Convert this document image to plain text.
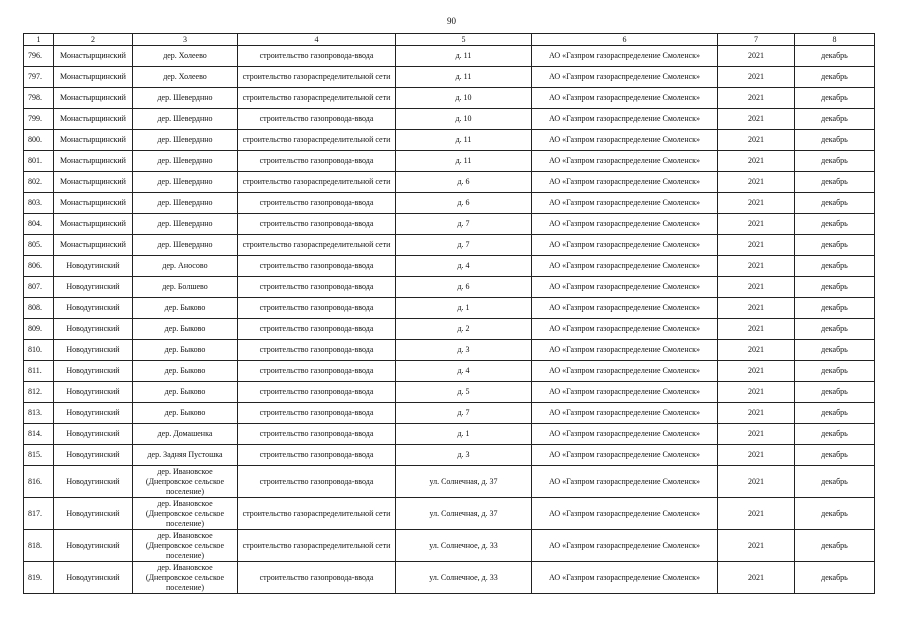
90
1	2	3	4	5	6	7	8
796.	Монастырщинский	дер. Холеево	строительство газопровода-ввода	д. 11	АО «Газпром газораспределение Смоленск»	2021	декабрь
797.	Монастырщинский	дер. Холеево	строительство газораспределительной сети	д. 11	АО «Газпром газораспределение Смоленск»	2021	декабрь
798.	Монастырщинский	дер. Шеверднно	строительство газораспределительной сети	д. 10	АО «Газпром газораспределение Смоленск»	2021	декабрь
799.	Монастырщинский	дер. Шеверднно	строительство газопровода-ввода	д. 10	АО «Газпром газораспределение Смоленск»	2021	декабрь
800.	Монастырщинский	дер. Шеверднно	строительство газораспределительной сети	д. 11	АО «Газпром газораспределение Смоленск»	2021	декабрь
801.	Монастырщинский	дер. Шеверднно	строительство газопровода-ввода	д. 11	АО «Газпром газораспределение Смоленск»	2021	декабрь
802.	Монастырщинский	дер. Шеверднно	строительство газораспределительной сети	д. 6	АО «Газпром газораспределение Смоленск»	2021	декабрь
803.	Монастырщинский	дер. Шеверднно	строительство газопровода-ввода	д. 6	АО «Газпром газораспределение Смоленск»	2021	декабрь
804.	Монастырщинский	дер. Шеверднно	строительство газопровода-ввода	д. 7	АО «Газпром газораспределение Смоленск»	2021	декабрь
805.	Монастырщинский	дер. Шеверднно	строительство газораспределительной сети	д. 7	АО «Газпром газораспределение Смоленск»	2021	декабрь
806.	Новодугинский	дер. Аносово	строительство газопровода-ввода	д. 4	АО «Газпром газораспределение Смоленск»	2021	декабрь
807.	Новодугинский	дер. Болшево	строительство газопровода-ввода	д. 6	АО «Газпром газораспределение Смоленск»	2021	декабрь
808.	Новодугинский	дер. Быково	строительство газопровода-ввода	д. 1	АО «Газпром газораспределение Смоленск»	2021	декабрь
809.	Новодугинский	дер. Быково	строительство газопровода-ввода	д. 2	АО «Газпром газораспределение Смоленск»	2021	декабрь
810.	Новодугинский	дер. Быково	строительство газопровода-ввода	д. 3	АО «Газпром газораспределение Смоленск»	2021	декабрь
811.	Новодугинский	дер. Быково	строительство газопровода-ввода	д. 4	АО «Газпром газораспределение Смоленск»	2021	декабрь
812.	Новодугинский	дер. Быково	строительство газопровода-ввода	д. 5	АО «Газпром газораспределение Смоленск»	2021	декабрь
813.	Новодугинский	дер. Быково	строительство газопровода-ввода	д. 7	АО «Газпром газораспределение Смоленск»	2021	декабрь
814.	Новодугинский	дер. Домашенка	строительство газопровода-ввода	д. 1	АО «Газпром газораспределение Смоленск»	2021	декабрь
815.	Новодугинский	дер. Задняя Пустошка	строительство газопровода-ввода	д. 3	АО «Газпром газораспределение Смоленск»	2021	декабрь
816.	Новодугинский	дер. Ивановское (Днепровское сельское поселение)	строительство газопровода-ввода	ул. Солнечная, д. 37	АО «Газпром газораспределение Смоленск»	2021	декабрь
817.	Новодугинский	дер. Ивановское (Днепровское сельское поселение)	строительство газораспределительной сети	ул. Солнечная, д. 37	АО «Газпром газораспределение Смоленск»	2021	декабрь
818.	Новодугинский	дер. Ивановское (Днепровское сельское поселение)	строительство газораспределительной сети	ул. Солнечное, д. 33	АО «Газпром газораспределение Смоленск»	2021	декабрь
819.	Новодугинский	дер. Ивановское (Днепровское сельское поселение)	строительство газопровода-ввода	ул. Солнечное, д. 33	АО «Газпром газораспределение Смоленск»	2021	декабрь
